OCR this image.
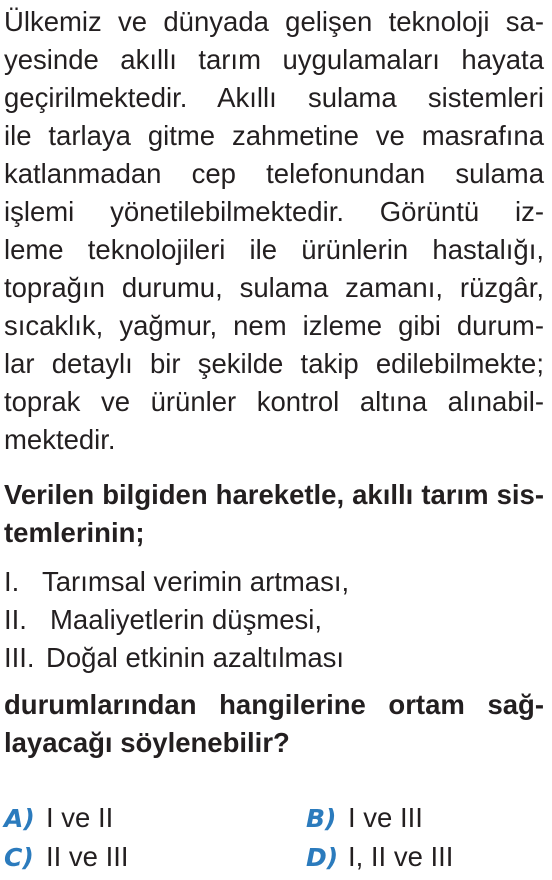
Ülkemiz ve dünyada gelişen teknoloji sa-
yesinde akıllı tarım uygulamaları hayata
geçirilmektedir. Akıllı sulama sistemleri
ile tarlaya gitme zahmetine ve masrafına
katlanmadan cep telefonundan sulama
işlemi yönetilebilmektedir. Görüntü iz-
leme teknolojileri ile ürünlerin hastalığı,
toprağın durumu, sulama zamanı, rüzgâr,
sıcaklık, yağmur, nem izleme gibi durum-
lar detaylı bir şekilde takip edilebilmekte;
toprak ve ürünler kontrol altına alınabil-
mektedir.
Verilen bilgiden hareketle, akıllı tarım sis-
temlerinin;
I. Tarımsal verimin artması,
II. Maaliyetlerin düşmesi,
III. Doğal etkinin azaltılması
durumlarından hangilerine ortam sağ-
layacağı söylenebilir?
A) I ve II	B) I ve III
C) II ve III	D) I, II ve III
